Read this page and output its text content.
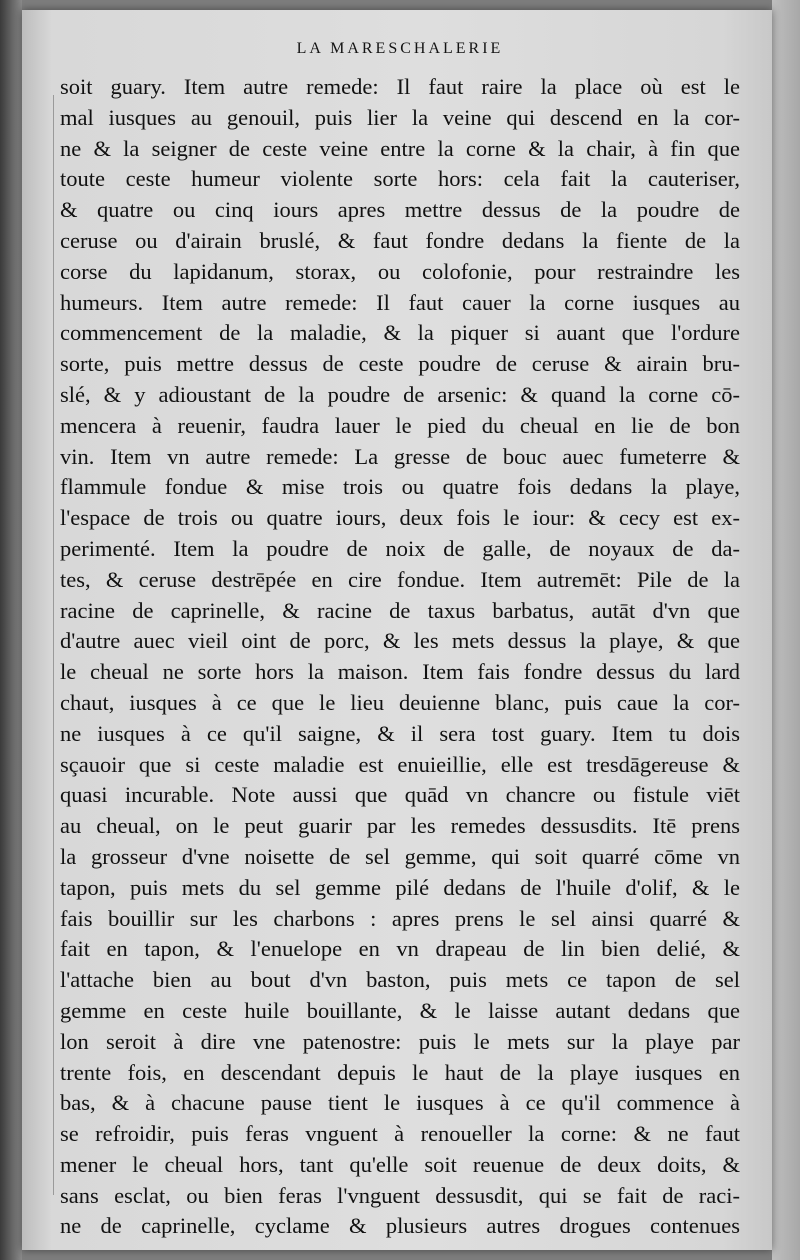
LA MARESCHALERIE
soit guary. Item autre remede: Il faut raire la place où est le
mal iusques au genouil, puis lier la veine qui descend en la cor-
ne & la seigner de ceste veine entre la corne & la chair, à fin que
toute ceste humeur violente sorte hors: cela fait la cauteriser,
& quatre ou cinq iours apres mettre dessus de la poudre de
ceruse ou d'airain bruslé, & faut fondre dedans la fiente de la
corse du lapidanum, storax, ou colofonie, pour restraindre les
humeurs. Item autre remede: Il faut cauer la corne iusques au
commencement de la maladie, & la piquer si auant que l'ordure
sorte, puis mettre dessus de ceste poudre de ceruse & airain bru-
slé, & y adioustant de la poudre de arsenic: & quand la corne cō-
mencera à reuenir, faudra lauer le pied du cheual en lie de bon
vin. Item vn autre remede: La gresse de bouc auec fumeterre &
flammule fondue & mise trois ou quatre fois dedans la playe,
l'espace de trois ou quatre iours, deux fois le iour: & cecy est ex-
perimenté. Item la poudre de noix de galle, de noyaux de da-
tes, & ceruse destrēpée en cire fondue. Item autremēt: Pile de la
racine de caprinelle, & racine de taxus barbatus, autāt d'vn que
d'autre auec vieil oint de porc, & les mets dessus la playe, & que
le cheual ne sorte hors la maison. Item fais fondre dessus du lard
chaut, iusques à ce que le lieu deuienne blanc, puis caue la cor-
ne iusques à ce qu'il saigne, & il sera tost guary. Item tu dois
sçauoir que si ceste maladie est enuieillie, elle est tresdāgereuse &
quasi incurable. Note aussi que quād vn chancre ou fistule viēt
au cheual, on le peut guarir par les remedes dessusdits. Itē prens
la grosseur d'vne noisette de sel gemme, qui soit quarré cōme vn
tapon, puis mets du sel gemme pilé dedans de l'huile d'olif, & le
fais bouillir sur les charbons : apres prens le sel ainsi quarré &
fait en tapon, & l'enuelope en vn drapeau de lin bien delié, &
l'attache bien au bout d'vn baston, puis mets ce tapon de sel
gemme en ceste huile bouillante, & le laisse autant dedans que
lon seroit à dire vne patenostre: puis le mets sur la playe par
trente fois, en descendant depuis le haut de la playe iusques en
bas, & à chacune pause tient le iusques à ce qu'il commence à
se refroidir, puis feras vnguent à renoueller la corne: & ne faut
mener le cheual hors, tant qu'elle soit reuenue de deux doits, &
sans esclat, ou bien feras l'vnguent dessusdit, qui se fait de raci-
ne de caprinelle, cyclame & plusieurs autres drogues contenues
